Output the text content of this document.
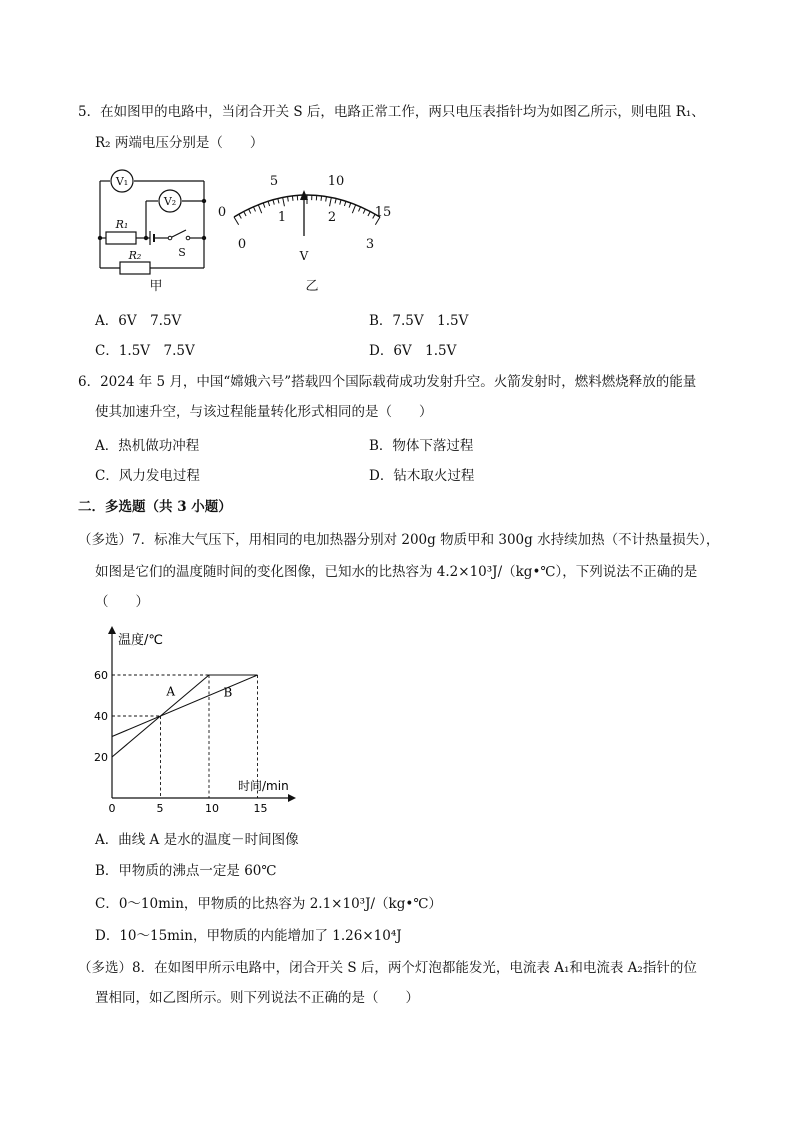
5．在如图甲的电路中，当闭合开关 S 后，电路正常工作，两只电压表指针均为如图乙所示，则电阻 R₁、
R₂ 两端电压分别是（　　）
V₁
V₂
R₁
R₂	S
甲
0
5	10
15
0
1	2
3
V
乙
A．6V　7.5V	B．7.5V　1.5V
C．1.5V　7.5V	D．6V　1.5V
6．2024 年 5 月，中国“嫦娥六号”搭载四个国际载荷成功发射升空。火箭发射时，燃料燃烧释放的能量
使其加速升空，与该过程能量转化形式相同的是（　　）
A．热机做功冲程	B．物体下落过程
C．风力发电过程	D．钻木取火过程
二．多选题（共 3 小题）
（多选）7．标准大气压下，用相同的电加热器分别对 200g 物质甲和 300g 水持续加热（不计热量损失），
如图是它们的温度随时间的变化图像，已知水的比热容为 4.2×10³J/（kg•℃），下列说法不正确的是
（　　）
A	B
0	5	10	15
20
40
60
温度/℃
时间/min
A．曲线 A 是水的温度－时间图像
B．甲物质的沸点一定是 60℃
C．0～10min，甲物质的比热容为 2.1×10³J/（kg•℃）
D．10～15min，甲物质的内能增加了 1.26×10⁴J
（多选）8．在如图甲所示电路中，闭合开关 S 后，两个灯泡都能发光，电流表 A₁和电流表 A₂指针的位
置相同，如乙图所示。则下列说法不正确的是（　　）
